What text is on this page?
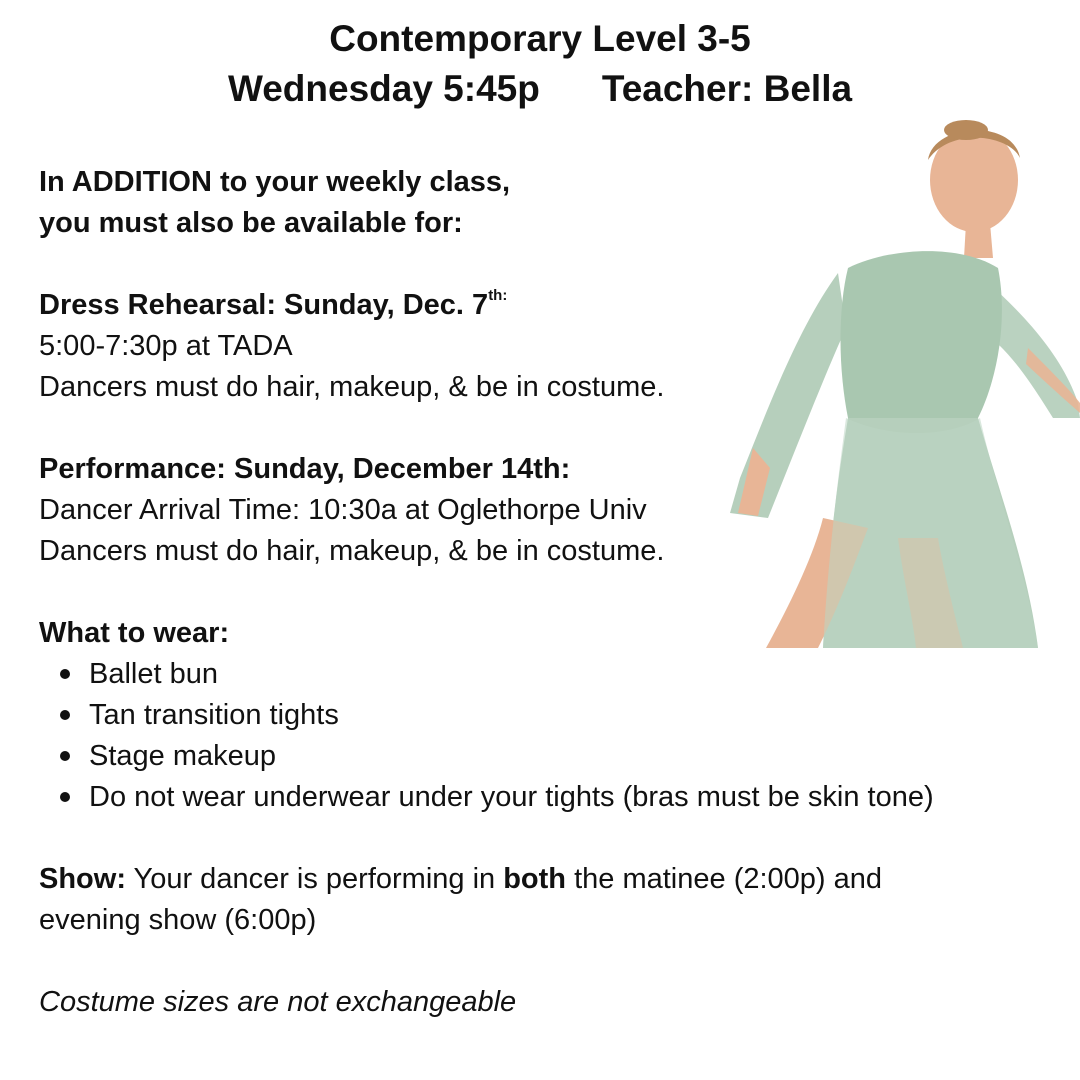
Contemporary Level 3-5
Wednesday 5:45p Teacher: Bella
In ADDITION to your weekly class,
you must also be available for:
Dress Rehearsal: Sunday, Dec. $7^{th:}$
5:00-7:30p at TADA
Dancers must do hair, makeup, & be in costume.
Performance: Sunday, December 14th:
Dancer Arrival Time: 10:30a at Oglethorpe Univ
Dancers must do hair, makeup, & be in costume.
What to wear:
Ballet bun
Tan transition tights
Stage makeup
Do not wear underwear under your tights (bras must be skin tone)
Show: Your dancer is performing in both the matinee (2:00p) and
evening show (6:00p)
Costume sizes are not exchangeable
